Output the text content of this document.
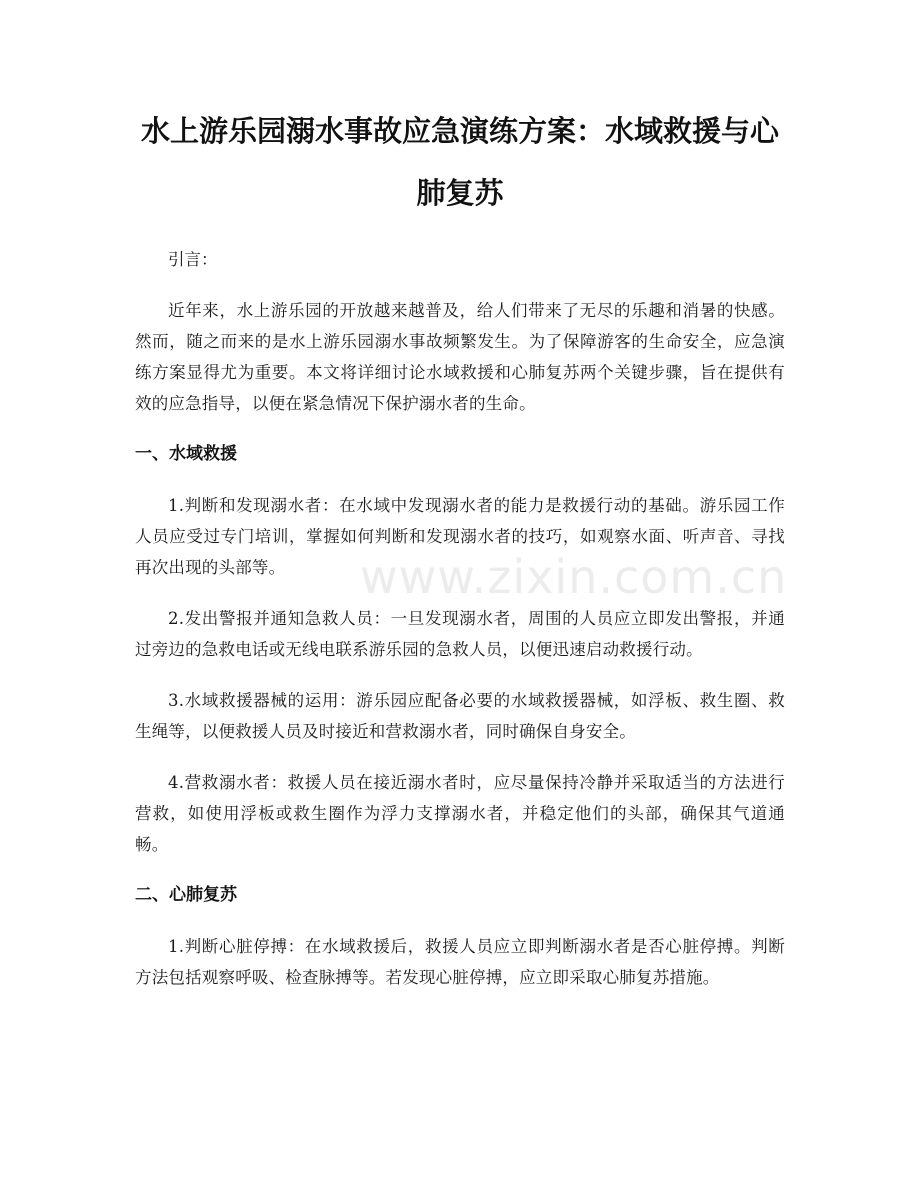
www.zixin.com.cn
水上游乐园溺水事故应急演练方案：水域救援与心肺复苏

引言：

近年来，水上游乐园的开放越来越普及，给人们带来了无尽的乐趣和消暑的快感。然而，随之而来的是水上游乐园溺水事故频繁发生。为了保障游客的生命安全，应急演练方案显得尤为重要。本文将详细讨论水域救援和心肺复苏两个关键步骤，旨在提供有效的应急指导，以便在紧急情况下保护溺水者的生命。

一、水域救援

1.判断和发现溺水者：在水域中发现溺水者的能力是救援行动的基础。游乐园工作人员应受过专门培训，掌握如何判断和发现溺水者的技巧，如观察水面、听声音、寻找再次出现的头部等。

2.发出警报并通知急救人员：一旦发现溺水者，周围的人员应立即发出警报，并通过旁边的急救电话或无线电联系游乐园的急救人员，以便迅速启动救援行动。

3.水域救援器械的运用：游乐园应配备必要的水域救援器械，如浮板、救生圈、救生绳等，以便救援人员及时接近和营救溺水者，同时确保自身安全。

4.营救溺水者：救援人员在接近溺水者时，应尽量保持冷静并采取适当的方法进行营救，如使用浮板或救生圈作为浮力支撑溺水者，并稳定他们的头部，确保其气道通畅。

二、心肺复苏

1.判断心脏停搏：在水域救援后，救援人员应立即判断溺水者是否心脏停搏。判断方法包括观察呼吸、检查脉搏等。若发现心脏停搏，应立即采取心肺复苏措施。
